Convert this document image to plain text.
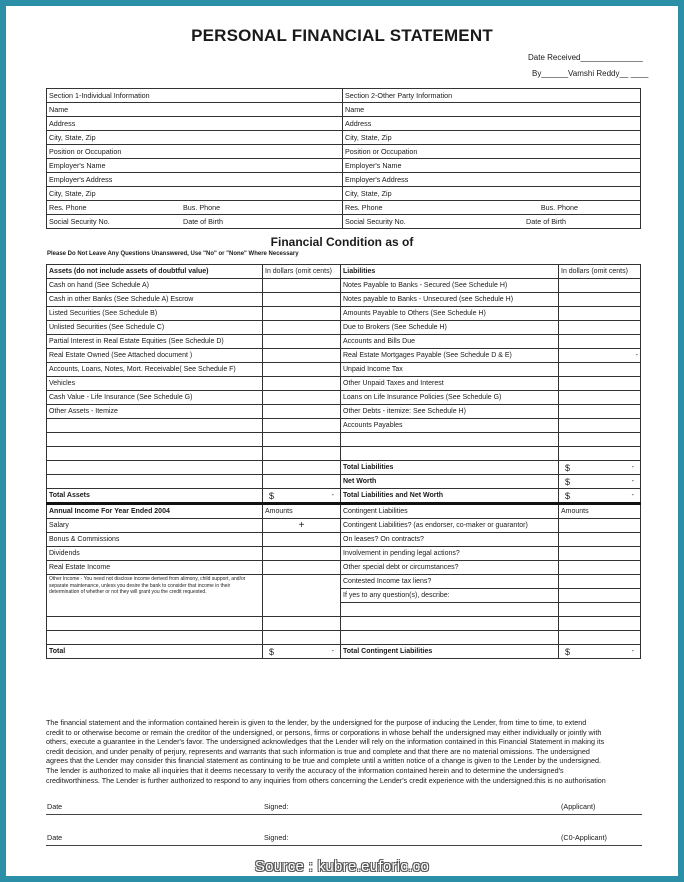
PERSONAL FINANCIAL STATEMENT
Date Received______________
By______Vamshi Reddy__ ____
Section 1-Individual Information	Section 2-Other Party Information
Name	Name
Address	Address
City, State, Zip	City, State, Zip
Position or Occupation	Position or Occupation
Employer's Name	Employer's Name
Employer's Address	Employer's Address
City, State, Zip	City, State, Zip

Res. Phone Bus. Phone	Res. Phone Bus. Phone

Social Security No. Date of Birth	Social Security No. Date of Birth
Financial Condition as of
Please Do Not Leave Any Questions Unanswered, Use "No" or "None" Where Necessary
Assets (do not include assets of doubtful value)	In dollars (omit cents)	Liabilities	In dollars (omit cents)
Cash on hand (See Schedule A)		Notes Payable to Banks - Secured (See Schedule H)	
Cash in other Banks (See Schedule A) Escrow		Notes payable to Banks - Unsecured (see Schedule H)	
Listed Securities (See Schedule B)		Amounts Payable to Others (See Schedule H)	
Unlisted Securities (See Schedule C)		Due to Brokers (See Schedule H)	
Partial Interest in Real Estate Equities (See Schedule D)		Accounts and Bills Due	
Real Estate Owned (See Attached document )		Real Estate Mortgages Payable (See Schedule D & E)	-
Accounts, Loans, Notes, Mort. Receivable( See Schedule F)		Unpaid Income Tax	
Vehicles		Other Unpaid Taxes and Interest	
Cash Value - Life Insurance (See Schedule G)		Loans on Life Insurance Policies (See Schedule G)	
Other Assets - Itemize		Other Debts - itemize: See Schedule H)	
		Accounts Payables	

		Total Liabilities	$ -

		Net Worth	$ -

Total Assets	$ -	Total Liabilities and Net Worth	$ -

Annual Income For Year Ended 2004	Amounts	Contingent Liabilities	Amounts
Salary	+	Contingent Liabilities? (as endorser, co-maker or guarantor)	
Bonus & Commissions		On leases? On contracts?	
Dividends		Involvement in pending legal actions?	
Real Estate Income		Other special debt or circumstances?	
Other Income - You need not disclose income derived from alimony, child support, and/or separate maintenance, unless you desire the bank to consider that income in their determination of whether or not they will grant you the credit requested.		Contested Income tax liens?	
		If yes to any question(s), describe:	

Total	$ -	Total Contingent Liabilities	$ -
The financial statement and the information contained herein is given to the lender, by the undersigned for the purpose of inducing the Lender, from time to time, to extend
credit to or otherwise become or remain the creditor of the undersigned, or persons, firms or corporations in whose behalf the undersigned may either individually or jointly with
others, execute a guarantee in the Lender's favor. The undersigned acknowledges that the Lender will rely on the information contained in this Financial Statement in making its
credit decision, and under penalty of perjury, represents and warrants that such information is true and complete and that there are no material omissions. The undersigned
agrees that the Lender may consider this financial statement as continuing to be true and complete until a written notice of a change is given to the Lender by the undersigned.
The lender is authorized to make all inquiries that it deems necessary to verify the accuracy of the information contained herein and to determine the undersigned's
creditworthiness. The Lender is further authorized to respond to any inquiries from others concerning the Lender's credit experience with the undersigned.this is no authorisation
Date	Signed:	(Applicant)
Date	Signed:	(C0-Applicant)
Source : kubre.euforic.co
